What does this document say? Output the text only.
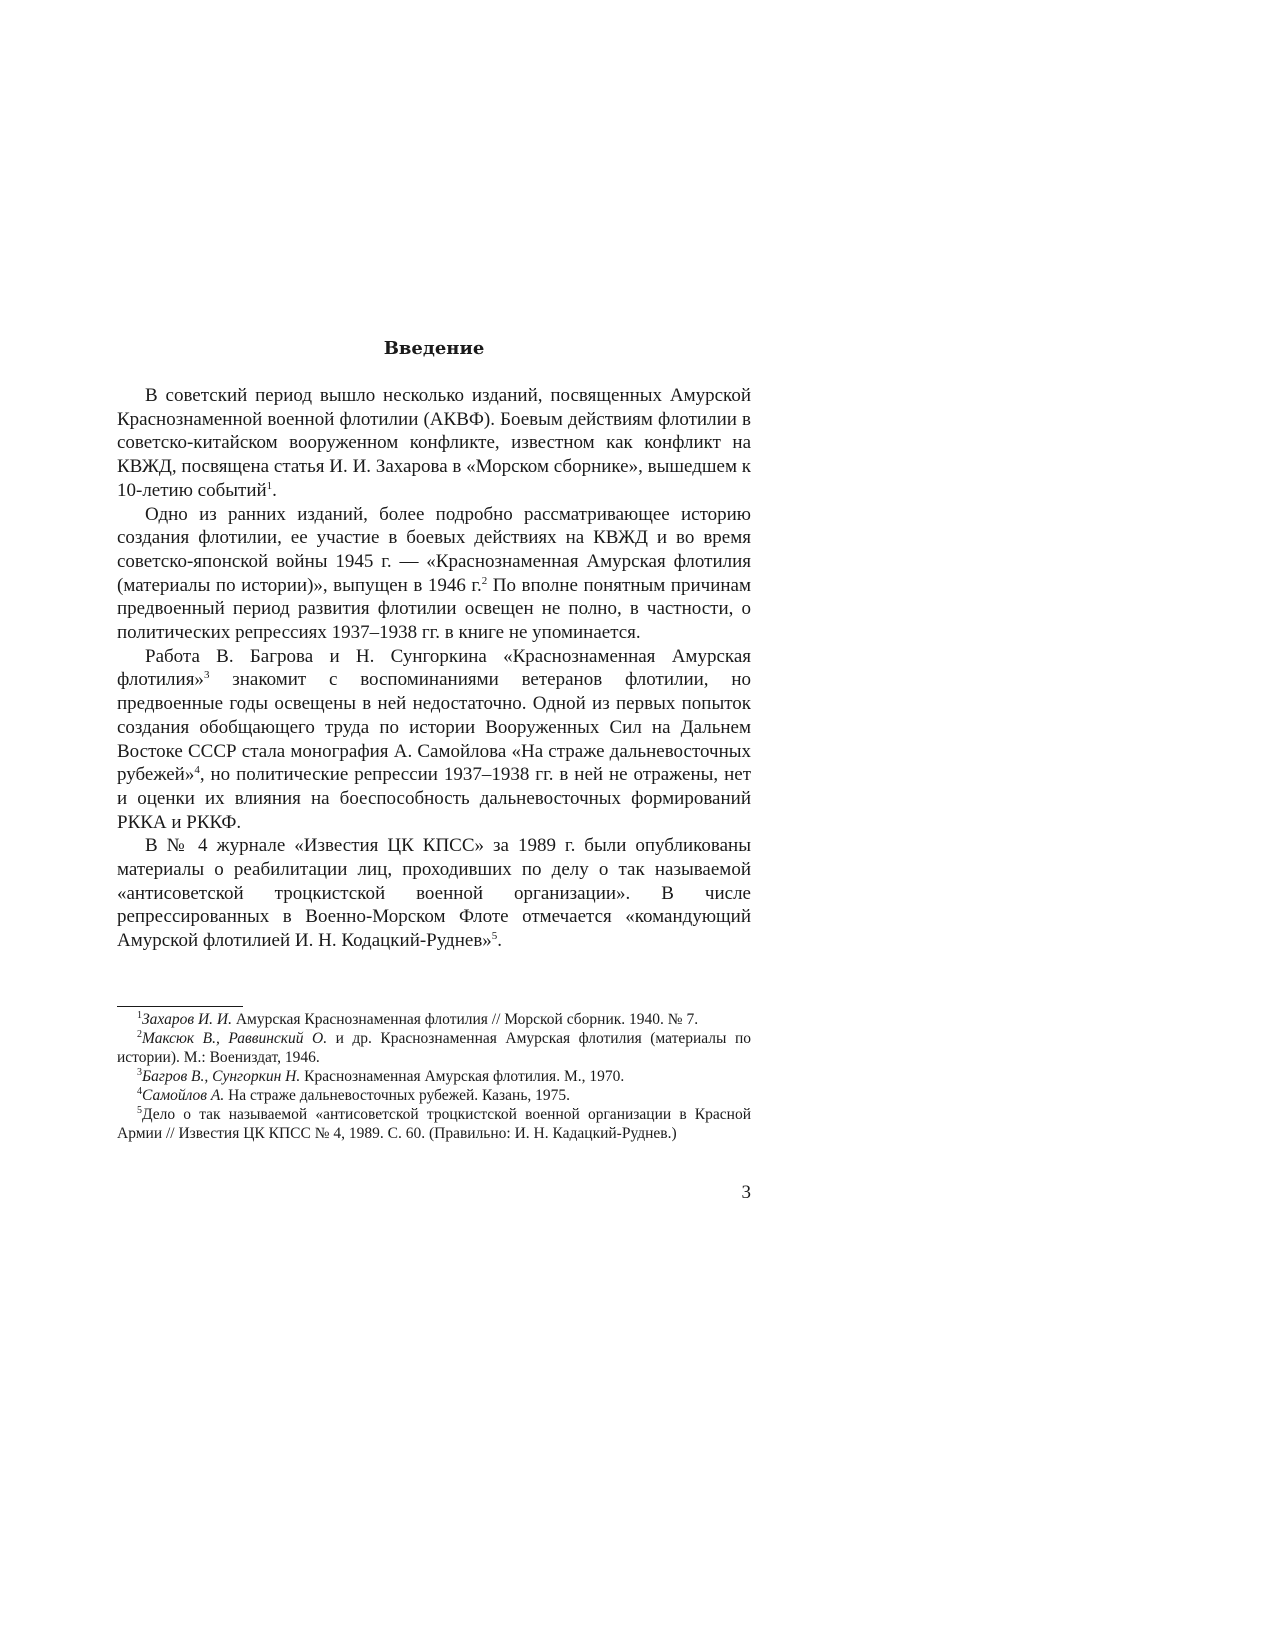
Введение

В советский период вышло несколько изданий, посвященных Амурской Краснознаменной военной флотилии (АКВФ). Боевым действиям флотилии в советско-китайском вооруженном конфликте, известном как конфликт на КВЖД, посвящена статья И. И. Захарова в «Морском сборнике», вышедшем к 10-летию событий$^1$.

Одно из ранних изданий, более подробно рассматривающее историю создания флотилии, ее участие в боевых действиях на КВЖД и во время советско-японской войны 1945 г. — «Краснознаменная Амурская флотилия (материалы по истории)», выпущен в 1946 г.$^2$ По вполне понятным причинам предвоенный период развития флотилии освещен не полно, в частности, о политических репрессиях 1937–1938 гг. в книге не упоминается.

Работа В. Багрова и Н. Сунгоркина «Краснознаменная Амурская флотилия»$^3$ знакомит с воспоминаниями ветеранов флотилии, но предвоенные годы освещены в ней недостаточно. Одной из первых попыток создания обобщающего труда по истории Вооруженных Сил на Дальнем Востоке СССР стала монография А. Самойлова «На страже дальневосточных рубежей»$^4$, но политические репрессии 1937–1938 гг. в ней не отражены, нет и оценки их влияния на боеспособность дальневосточных формирований РККА и РККФ.

В № 4 журнале «Известия ЦК КПСС» за 1989 г. были опубликованы материалы о реабилитации лиц, проходивших по делу о так называемой «антисоветской троцкистской военной организации». В числе репрессированных в Военно-Морском Флоте отмечается «командующий Амурской флотилией И. Н. Кодацкий-Руднев»$^5$.

$^1$Захаров И. И. Амурская Краснознаменная флотилия // Морской сборник. 1940. № 7.

$^2$Максюк В., Раввинский О. и др. Краснознаменная Амурская флотилия (материалы по истории). М.: Воениздат, 1946.

$^3$Багров В., Сунгоркин Н. Краснознаменная Амурская флотилия. М., 1970.

$^4$Самойлов А. На страже дальневосточных рубежей. Казань, 1975.

$^5$Дело о так называемой «антисоветской троцкистской военной организации в Красной Армии // Известия ЦК КПСС № 4, 1989. С. 60. (Правильно: И. Н. Кадацкий-Руднев.)

3
